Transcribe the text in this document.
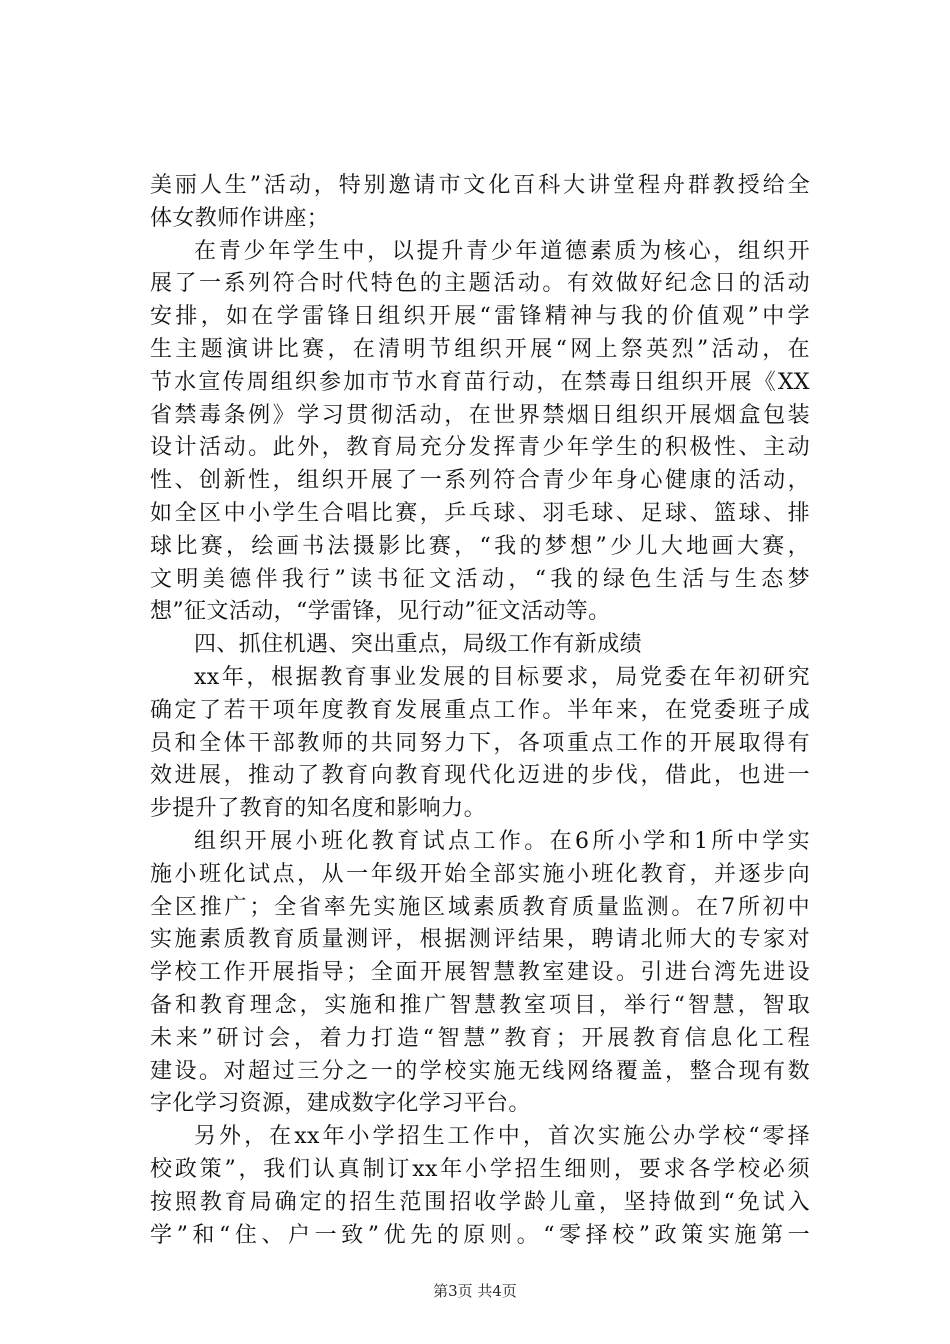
美丽人生”活动，特别邀请市文化百科大讲堂程舟群教授给全
体女教师作讲座；
在青少年学生中，以提升青少年道德素质为核心，组织开
展了一系列符合时代特色的主题活动。有效做好纪念日的活动
安排，如在学雷锋日组织开展“雷锋精神与我的价值观”中学
生主题演讲比赛，在清明节组织开展“网上祭英烈”活动，在
节水宣传周组织参加市节水育苗行动，在禁毒日组织开展《XX
省禁毒条例》学习贯彻活动，在世界禁烟日组织开展烟盒包装
设计活动。此外，教育局充分发挥青少年学生的积极性、主动
性、创新性，组织开展了一系列符合青少年身心健康的活动，
如全区中小学生合唱比赛，乒乓球、羽毛球、足球、篮球、排
球比赛，绘画书法摄影比赛，“我的梦想”少儿大地画大赛，
文明美德伴我行”读书征文活动，“我的绿色生活与生态梦
想”征文活动，“学雷锋，见行动”征文活动等。
四、抓住机遇、突出重点，局级工作有新成绩
xx年，根据教育事业发展的目标要求，局党委在年初研究
确定了若干项年度教育发展重点工作。半年来，在党委班子成
员和全体干部教师的共同努力下，各项重点工作的开展取得有
效进展，推动了教育向教育现代化迈进的步伐，借此，也进一
步提升了教育的知名度和影响力。
组织开展小班化教育试点工作。在6所小学和1所中学实
施小班化试点，从一年级开始全部实施小班化教育，并逐步向
全区推广；全省率先实施区域素质教育质量监测。在7所初中
实施素质教育质量测评，根据测评结果，聘请北师大的专家对
学校工作开展指导；全面开展智慧教室建设。引进台湾先进设
备和教育理念，实施和推广智慧教室项目，举行“智慧，智取
未来”研讨会，着力打造“智慧”教育；开展教育信息化工程
建设。对超过三分之一的学校实施无线网络覆盖，整合现有数
字化学习资源，建成数字化学习平台。
另外，在xx年小学招生工作中，首次实施公办学校“零择
校政策”，我们认真制订xx年小学招生细则，要求各学校必须
按照教育局确定的招生范围招收学龄儿童，坚持做到“免试入
学”和“住、户一致”优先的原则。“零择校”政策实施第一
第3页 共4页
